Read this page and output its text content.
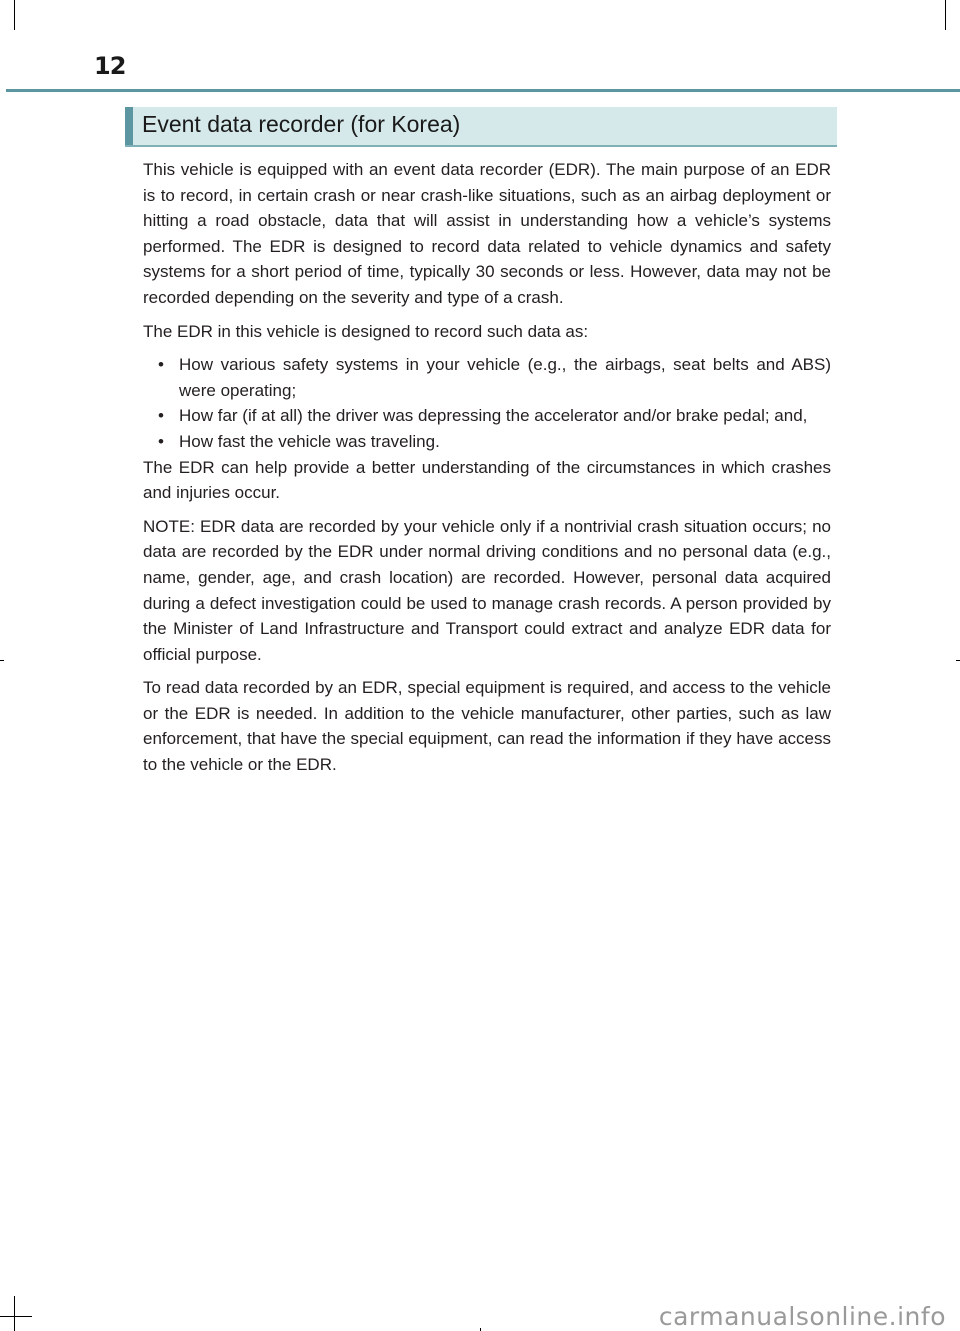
12
Event data recorder (for Korea)

This vehicle is equipped with an event data recorder (EDR). The main purpose of an EDR is to record, in certain crash or near crash-like situations, such as an airbag deployment or hitting a road obstacle, data that will assist in understanding how a vehicle’s systems performed. The EDR is designed to record data related to vehicle dynamics and safety systems for a short period of time, typically 30 seconds or less. However, data may not be recorded depending on the severity and type of a crash.

The EDR in this vehicle is designed to record such data as:

• How various safety systems in your vehicle (e.g., the airbags, seat belts and ABS) were operating;
• How far (if at all) the driver was depressing the accelerator and/or brake pedal; and,
• How fast the vehicle was traveling.

The EDR can help provide a better understanding of the circumstances in which crashes and injuries occur.

NOTE: EDR data are recorded by your vehicle only if a nontrivial crash situation occurs; no data are recorded by the EDR under normal driving conditions and no personal data (e.g., name, gender, age, and crash location) are recorded. However, personal data acquired during a defect investigation could be used to manage crash records. A person provided by the Minister of Land Infrastructure and Transport could extract and analyze EDR data for official purpose.

To read data recorded by an EDR, special equipment is required, and access to the vehicle or the EDR is needed. In addition to the vehicle manufacturer, other parties, such as law enforcement, that have the special equipment, can read the information if they have access to the vehicle or the EDR.

carmanualsonline.info
